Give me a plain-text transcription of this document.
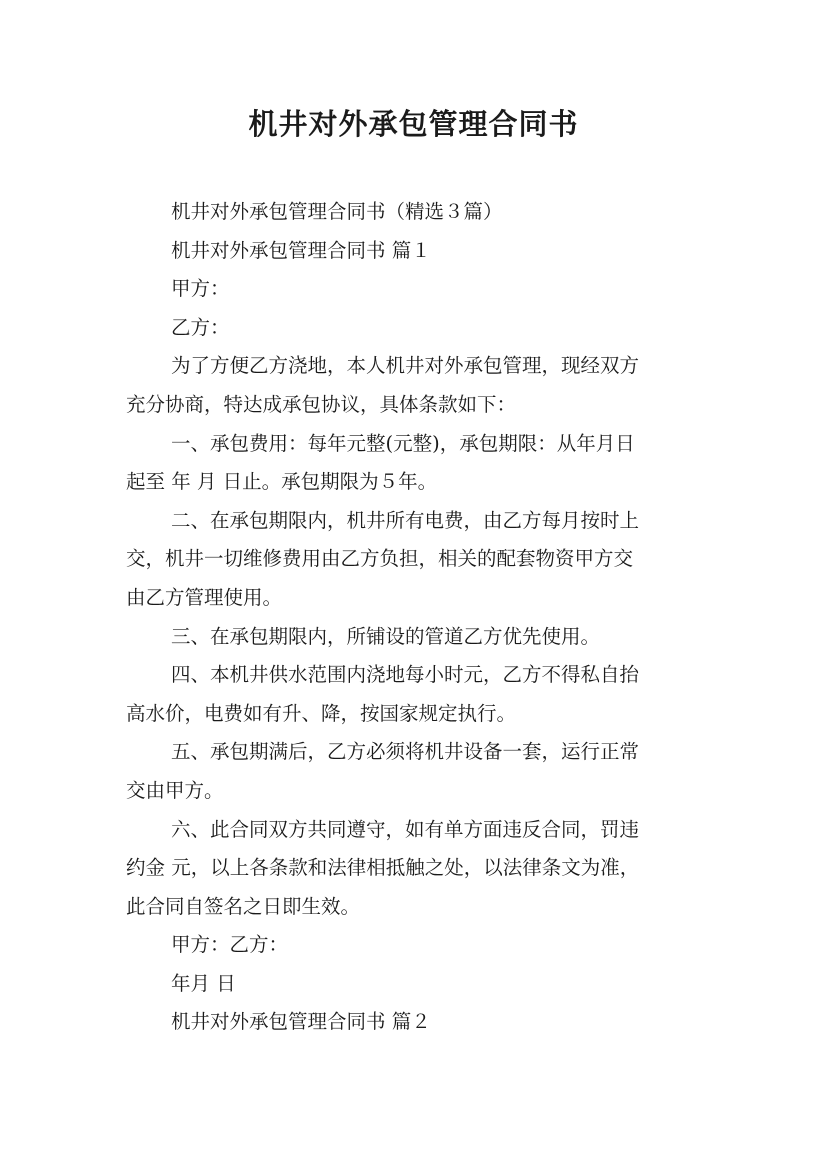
机井对外承包管理合同书
机井对外承包管理合同书（精选３篇）
机井对外承包管理合同书 篇１
甲方：
乙方：
为了方便乙方浇地，本人机井对外承包管理，现经双方
充分协商，特达成承包协议，具体条款如下：
一、承包费用：每年元整(元整)，承包期限：从年月日
起至 年 月 日止。承包期限为５年。
二、在承包期限内，机井所有电费，由乙方每月按时上
交，机井一切维修费用由乙方负担，相关的配套物资甲方交
由乙方管理使用。
三、在承包期限内，所铺设的管道乙方优先使用。
四、本机井供水范围内浇地每小时元，乙方不得私自抬
高水价，电费如有升、降，按国家规定执行。
五、承包期满后，乙方必须将机井设备一套，运行正常
交由甲方。
六、此合同双方共同遵守，如有单方面违反合同，罚违
约金 元，以上各条款和法律相抵触之处，以法律条文为准，
此合同自签名之日即生效。
甲方：乙方：
年月 日
机井对外承包管理合同书 篇２
